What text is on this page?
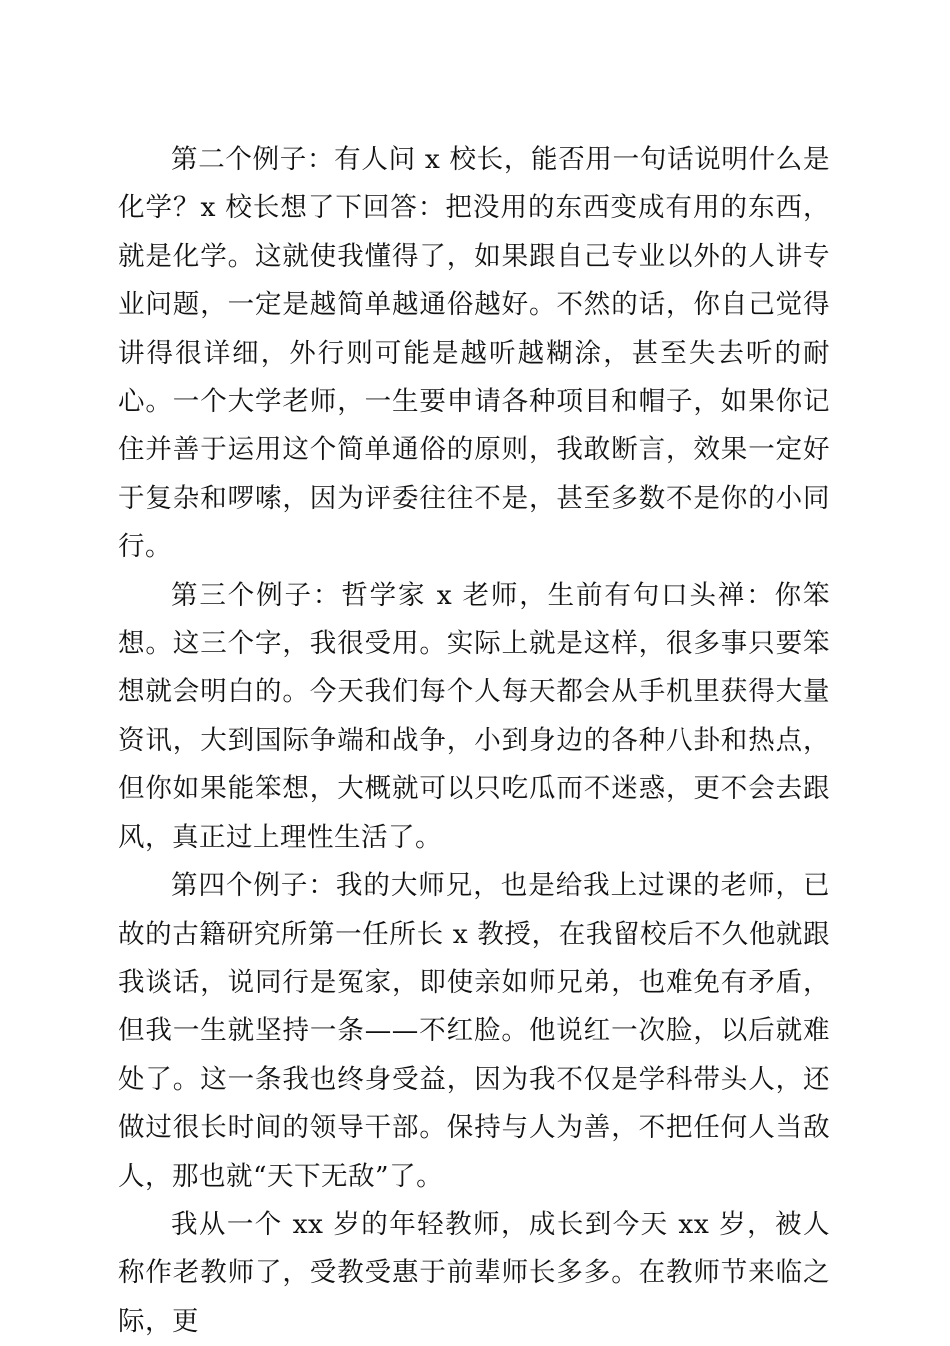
第二个例子：有人问 x 校长，能否用一句话说明什么是化学？x 校长想了下回答：把没用的东西变成有用的东西，就是化学。这就使我懂得了，如果跟自己专业以外的人讲专业问题，一定是越简单越通俗越好。不然的话，你自己觉得讲得很详细，外行则可能是越听越糊涂，甚至失去听的耐心。一个大学老师，一生要申请各种项目和帽子，如果你记住并善于运用这个简单通俗的原则，我敢断言，效果一定好于复杂和啰嗦，因为评委往往不是，甚至多数不是你的小同行。

第三个例子：哲学家 x 老师，生前有句口头禅：你笨想。这三个字，我很受用。实际上就是这样，很多事只要笨想就会明白的。今天我们每个人每天都会从手机里获得大量资讯，大到国际争端和战争，小到身边的各种八卦和热点，但你如果能笨想，大概就可以只吃瓜而不迷惑，更不会去跟风，真正过上理性生活了。

第四个例子：我的大师兄，也是给我上过课的老师，已故的古籍研究所第一任所长 x 教授，在我留校后不久他就跟我谈话，说同行是冤家，即使亲如师兄弟，也难免有矛盾，但我一生就坚持一条——不红脸。他说红一次脸，以后就难处了。这一条我也终身受益，因为我不仅是学科带头人，还做过很长时间的领导干部。保持与人为善，不把任何人当敌人，那也就“天下无敌”了。

我从一个 xx 岁的年轻教师，成长到今天 xx 岁，被人称作老教师了，受教受惠于前辈师长多多。在教师节来临之际，更
